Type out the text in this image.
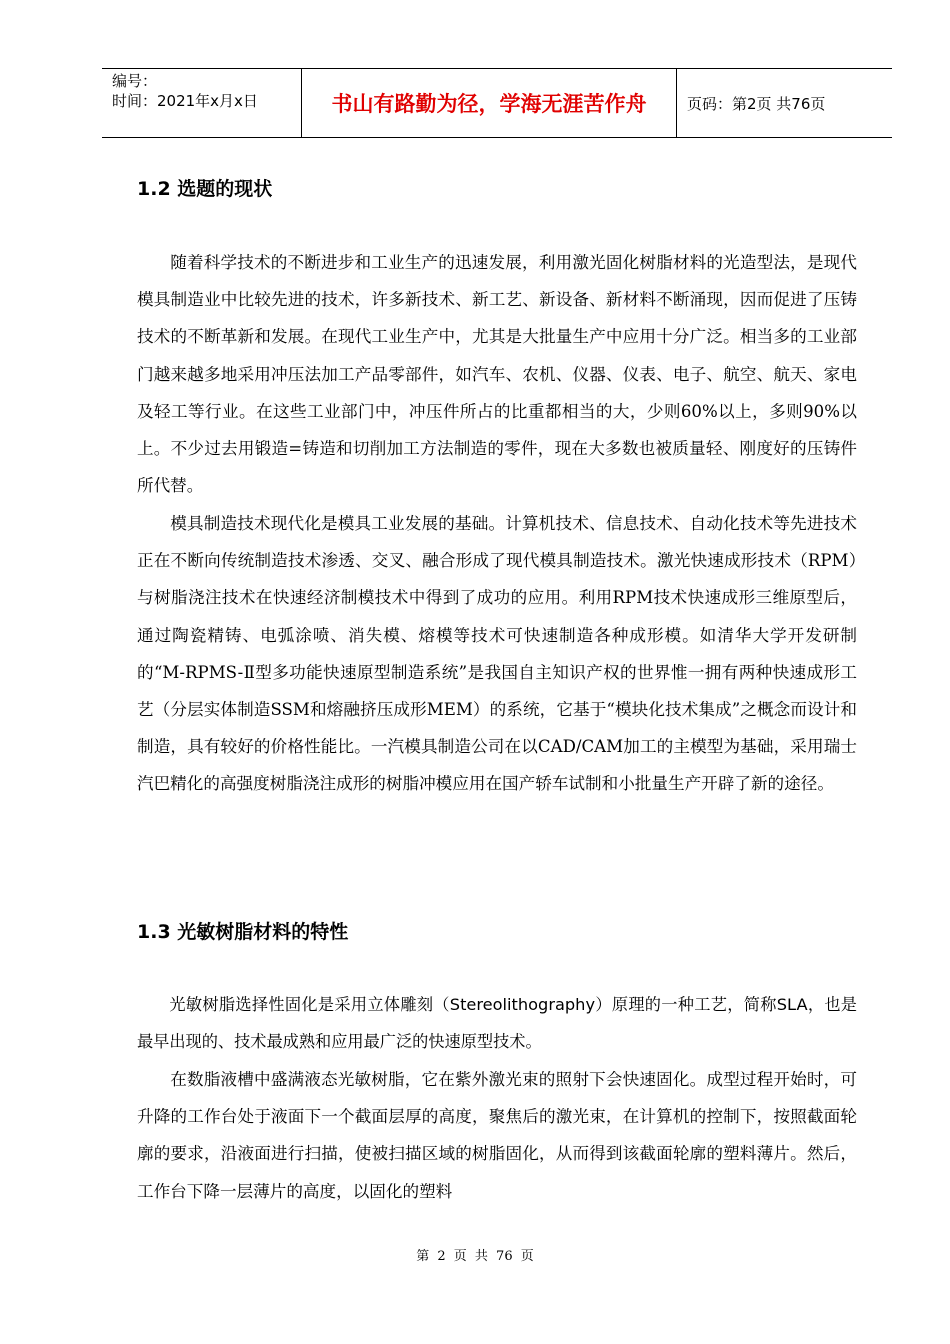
编号：
时间：2021年x月x日	书山有路勤为径，学海无涯苦作舟	页码：第2页 共76页
1.2 选题的现状

随着科学技术的不断进步和工业生产的迅速发展，利用激光固化树脂材料的光造型法，是现代模具制造业中比较先进的技术，许多新技术、新工艺、新设备、新材料不断涌现，因而促进了压铸技术的不断革新和发展。在现代工业生产中，尤其是大批量生产中应用十分广泛。相当多的工业部门越来越多地采用冲压法加工产品零部件，如汽车、农机、仪器、仪表、电子、航空、航天、家电及轻工等行业。在这些工业部门中，冲压件所占的比重都相当的大，少则60%以上，多则90%以上。不少过去用锻造=铸造和切削加工方法制造的零件，现在大多数也被质量轻、刚度好的压铸件所代替。

模具制造技术现代化是模具工业发展的基础。计算机技术、信息技术、自动化技术等先进技术正在不断向传统制造技术渗透、交叉、融合形成了现代模具制造技术。激光快速成形技术（RPM）与树脂浇注技术在快速经济制模技术中得到了成功的应用。利用RPM技术快速成形三维原型后，通过陶瓷精铸、电弧涂喷、消失模、熔模等技术可快速制造各种成形模。如清华大学开发研制的“M-RPMS-Ⅱ型多功能快速原型制造系统”是我国自主知识产权的世界惟一拥有两种快速成形工艺（分层实体制造SSM和熔融挤压成形MEM）的系统，它基于“模块化技术集成”之概念而设计和制造，具有较好的价格性能比。一汽模具制造公司在以CAD/CAM加工的主模型为基础，采用瑞士汽巴精化的高强度树脂浇注成形的树脂冲模应用在国产轿车试制和小批量生产开辟了新的途径。

1.3 光敏树脂材料的特性

光敏树脂选择性固化是采用立体雕刻（Stereolithography）原理的一种工艺，简称SLA，也是最早出现的、技术最成熟和应用最广泛的快速原型技术。

在数脂液槽中盛满液态光敏树脂，它在紫外激光束的照射下会快速固化。成型过程开始时，可升降的工作台处于液面下一个截面层厚的高度，聚焦后的激光束，在计算机的控制下，按照截面轮廓的要求，沿液面进行扫描，使被扫描区域的树脂固化，从而得到该截面轮廓的塑料薄片。然后，工作台下降一层薄片的高度，以固化的塑料

第 2 页 共 76 页
